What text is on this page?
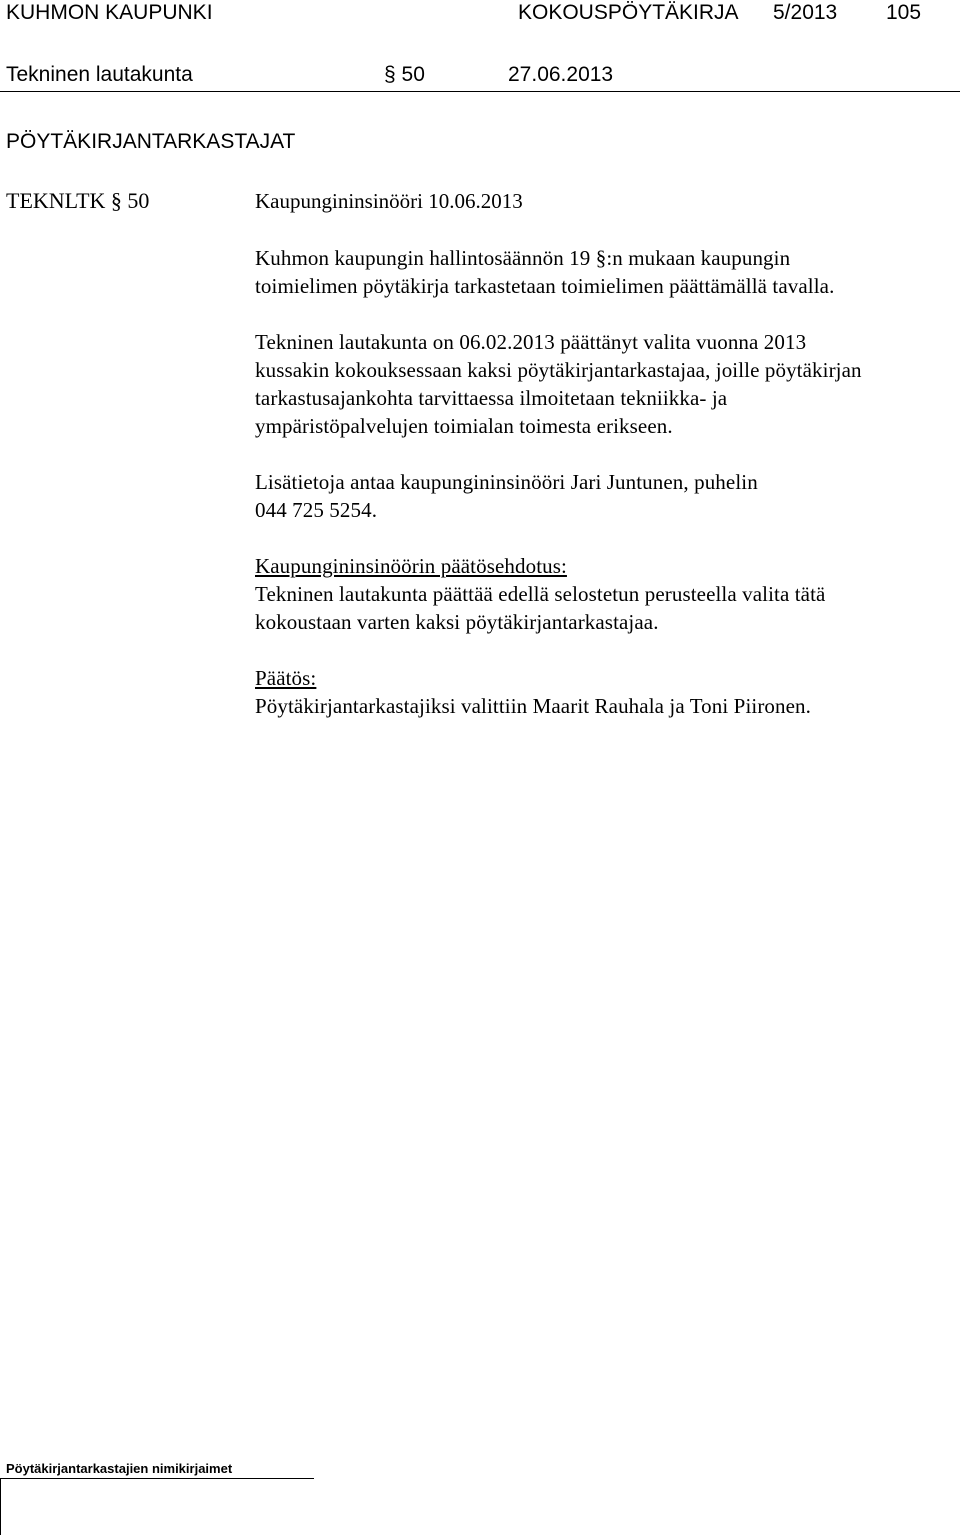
KUHMON KAUPUNKI	KOKOUSPÖYTÄKIRJA 5/2013 105
Tekninen lautakunta	§ 50	27.06.2013
PÖYTÄKIRJANTARKASTAJAT
TEKNLTK § 50	Kaupungininsinööri 10.06.2013

Kuhmon kaupungin hallintosäännön 19 §:n mukaan kaupungin
toimielimen pöytäkirja tarkastetaan toimielimen päättämällä tavalla.

Tekninen lautakunta on 06.02.2013 päättänyt valita vuonna 2013
kussakin kokouksessaan kaksi pöytäkirjantarkastajaa, joille pöytäkirjan
tarkastusajankohta tarvittaessa ilmoitetaan tekniikka- ja
ympäristöpalvelujen toimialan toimesta erikseen.

Lisätietoja antaa kaupungininsinööri Jari Juntunen, puhelin
044 725 5254.

Kaupungininsinöörin päätösehdotus:
Tekninen lautakunta päättää edellä selostetun perusteella valita tätä
kokoustaan varten kaksi pöytäkirjantarkastajaa.

Päätös:
Pöytäkirjantarkastajiksi valittiin Maarit Rauhala ja Toni Piironen.

Pöytäkirjantarkastajien nimikirjaimet
